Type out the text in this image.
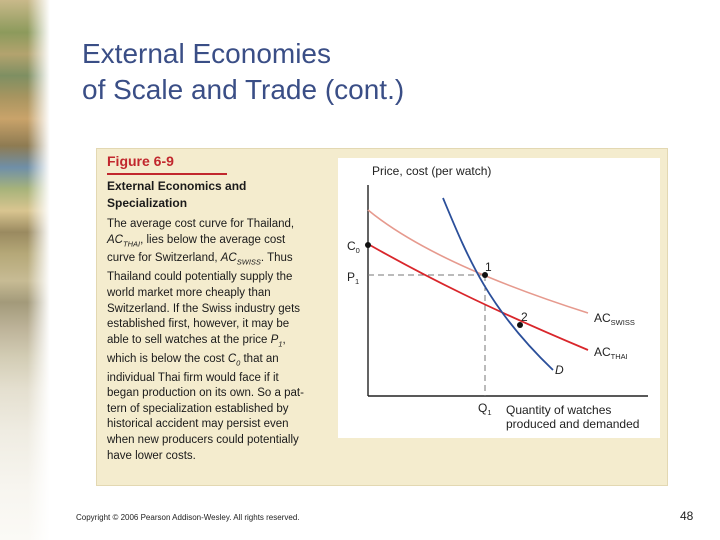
External Economies
of Scale and Trade (cont.)
Figure 6-9
External Economics and
Specialization
The average cost curve for Thailand,
$AC_{THAI}$, lies below the average cost
curve for Switzerland, $AC_{SWISS}$. Thus
Thailand could potentially supply the
world market more cheaply than
Switzerland. If the Swiss industry gets
established first, however, it may be
able to sell watches at the price $P_1$,
which is below the cost $C_0$ that an
individual Thai firm would face if it
began production on its own. So a pat-
tern of specialization established by
historical accident may persist even
when new producers could potentially
have lower costs.
Price, cost (per watch)
Quantity of watches
produced and demanded
$C_0$
$P_1$
$Q_1$
1
2	$AC_{SWISS}$
$AC_{THAI}$
D
Copyright © 2006 Pearson Addison-Wesley. All rights reserved.	48
